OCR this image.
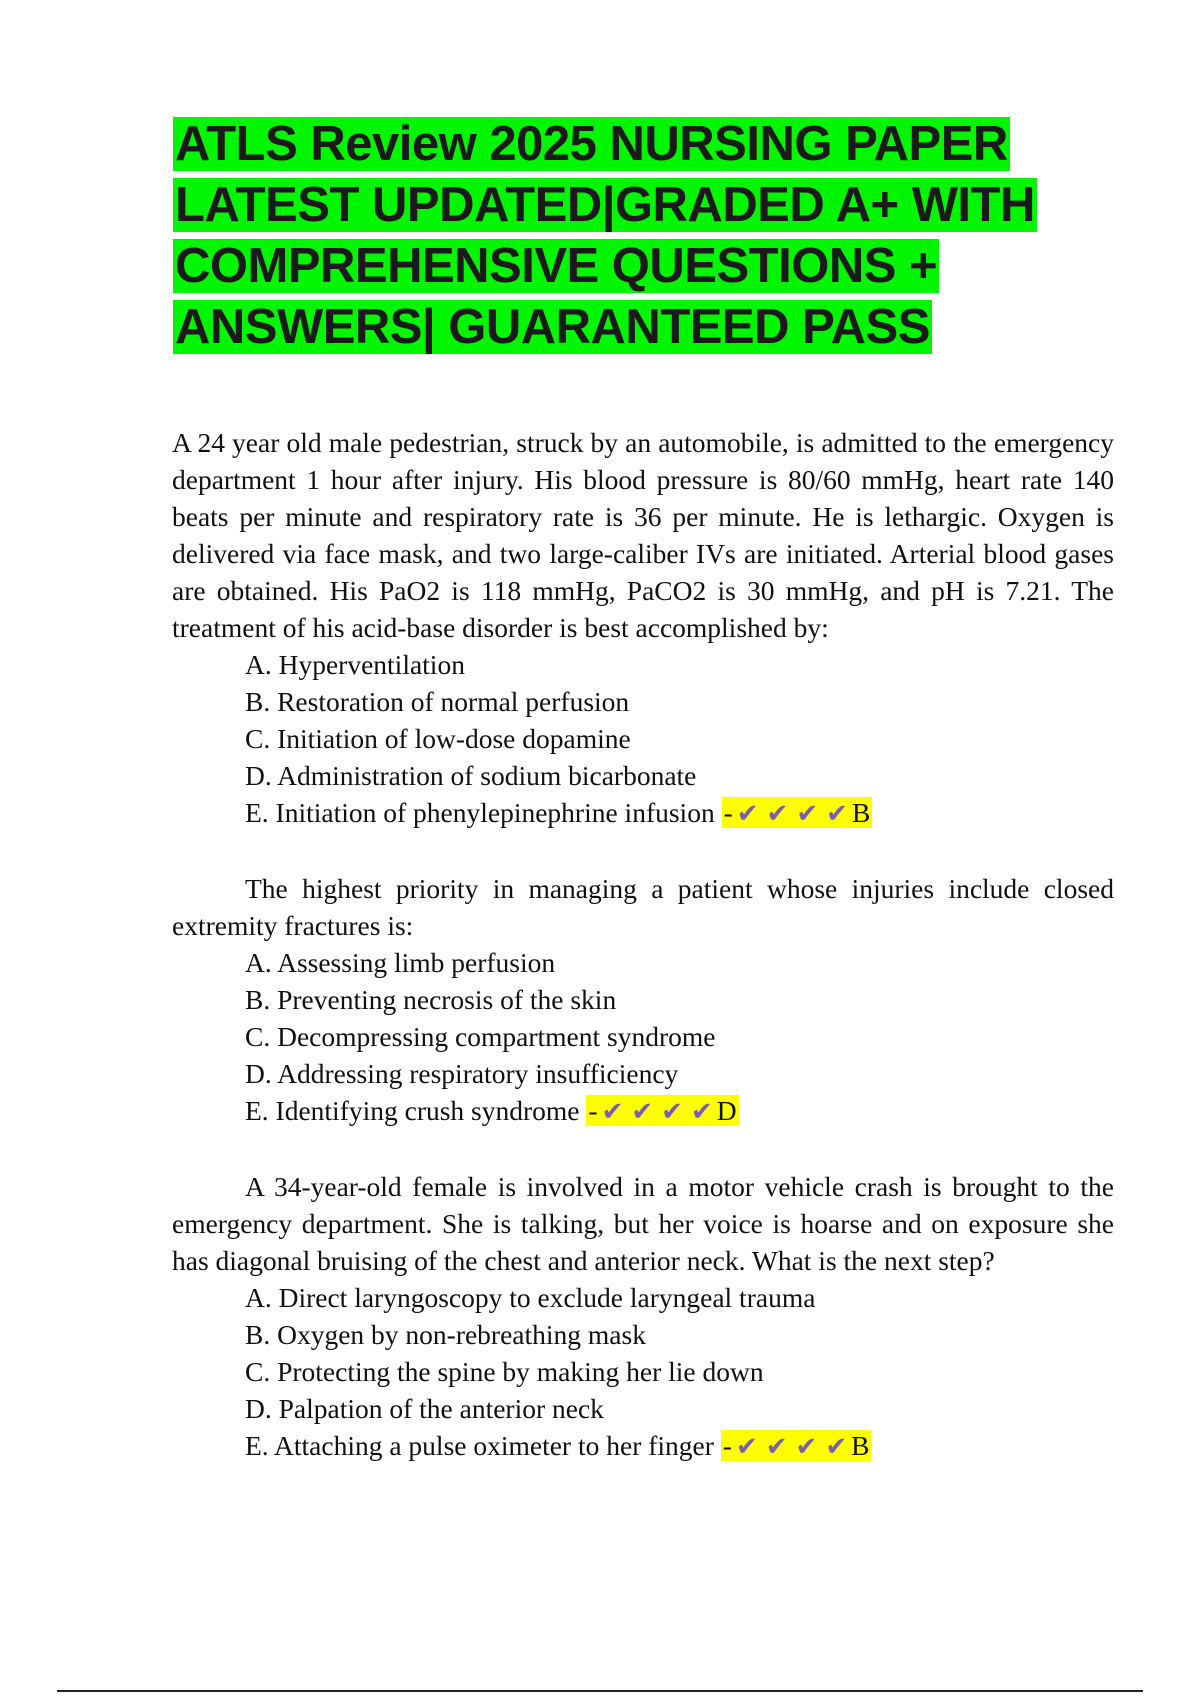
ATLS Review 2025 NURSING PAPER LATEST UPDATED|GRADED A+ WITH COMPREHENSIVE QUESTIONS + ANSWERS| GUARANTEED PASS

A 24 year old male pedestrian, struck by an automobile, is admitted to the emergency department 1 hour after injury. His blood pressure is 80/60 mmHg, heart rate 140 beats per minute and respiratory rate is 36 per minute. He is lethargic. Oxygen is delivered via face mask, and two large-caliber IVs are initiated. Arterial blood gases are obtained. His PaO2 is 118 mmHg, PaCO2 is 30 mmHg, and pH is 7.21. The treatment of his acid-base disorder is best accomplished by:

A. Hyperventilation
B. Restoration of normal perfusion
C. Initiation of low-dose dopamine
D. Administration of sodium bicarbonate
E. Initiation of phenylepinephrine infusion - ✔ ✔ ✔ ✔ B

The highest priority in managing a patient whose injuries include closed extremity fractures is:

A. Assessing limb perfusion
B. Preventing necrosis of the skin
C. Decompressing compartment syndrome
D. Addressing respiratory insufficiency
E. Identifying crush syndrome - ✔ ✔ ✔ ✔ D

A 34-year-old female is involved in a motor vehicle crash is brought to the emergency department. She is talking, but her voice is hoarse and on exposure she has diagonal bruising of the chest and anterior neck. What is the next step?

A. Direct laryngoscopy to exclude laryngeal trauma
B. Oxygen by non-rebreathing mask
C. Protecting the spine by making her lie down
D. Palpation of the anterior neck
E. Attaching a pulse oximeter to her finger - ✔ ✔ ✔ ✔ B
